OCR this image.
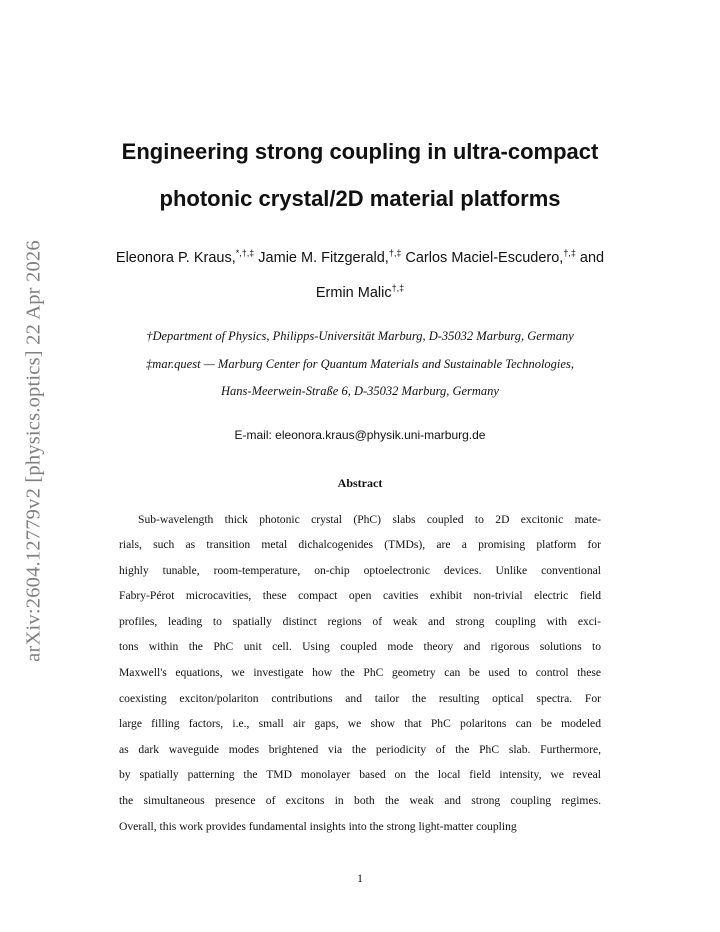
arXiv:2604.12779v2 [physics.optics] 22 Apr 2026
Engineering strong coupling in ultra-compact
photonic crystal/2D material platforms
Eleonora P. Kraus,*,†,‡ Jamie M. Fitzgerald,†,‡ Carlos Maciel-Escudero,†,‡ and
Ermin Malic†,‡
†Department of Physics, Philipps-Universität Marburg, D-35032 Marburg, Germany
‡mar.quest — Marburg Center for Quantum Materials and Sustainable Technologies,
Hans-Meerwein-Straße 6, D-35032 Marburg, Germany
E-mail: eleonora.kraus@physik.uni-marburg.de
Abstract
Sub-wavelength thick photonic crystal (PhC) slabs coupled to 2D excitonic mate-
rials, such as transition metal dichalcogenides (TMDs), are a promising platform for
highly tunable, room-temperature, on-chip optoelectronic devices. Unlike conventional
Fabry-Pérot microcavities, these compact open cavities exhibit non-trivial electric field
profiles, leading to spatially distinct regions of weak and strong coupling with exci-
tons within the PhC unit cell. Using coupled mode theory and rigorous solutions to
Maxwell's equations, we investigate how the PhC geometry can be used to control these
coexisting exciton/polariton contributions and tailor the resulting optical spectra. For
large filling factors, i.e., small air gaps, we show that PhC polaritons can be modeled
as dark waveguide modes brightened via the periodicity of the PhC slab. Furthermore,
by spatially patterning the TMD monolayer based on the local field intensity, we reveal
the simultaneous presence of excitons in both the weak and strong coupling regimes.
Overall, this work provides fundamental insights into the strong light-matter coupling
1
